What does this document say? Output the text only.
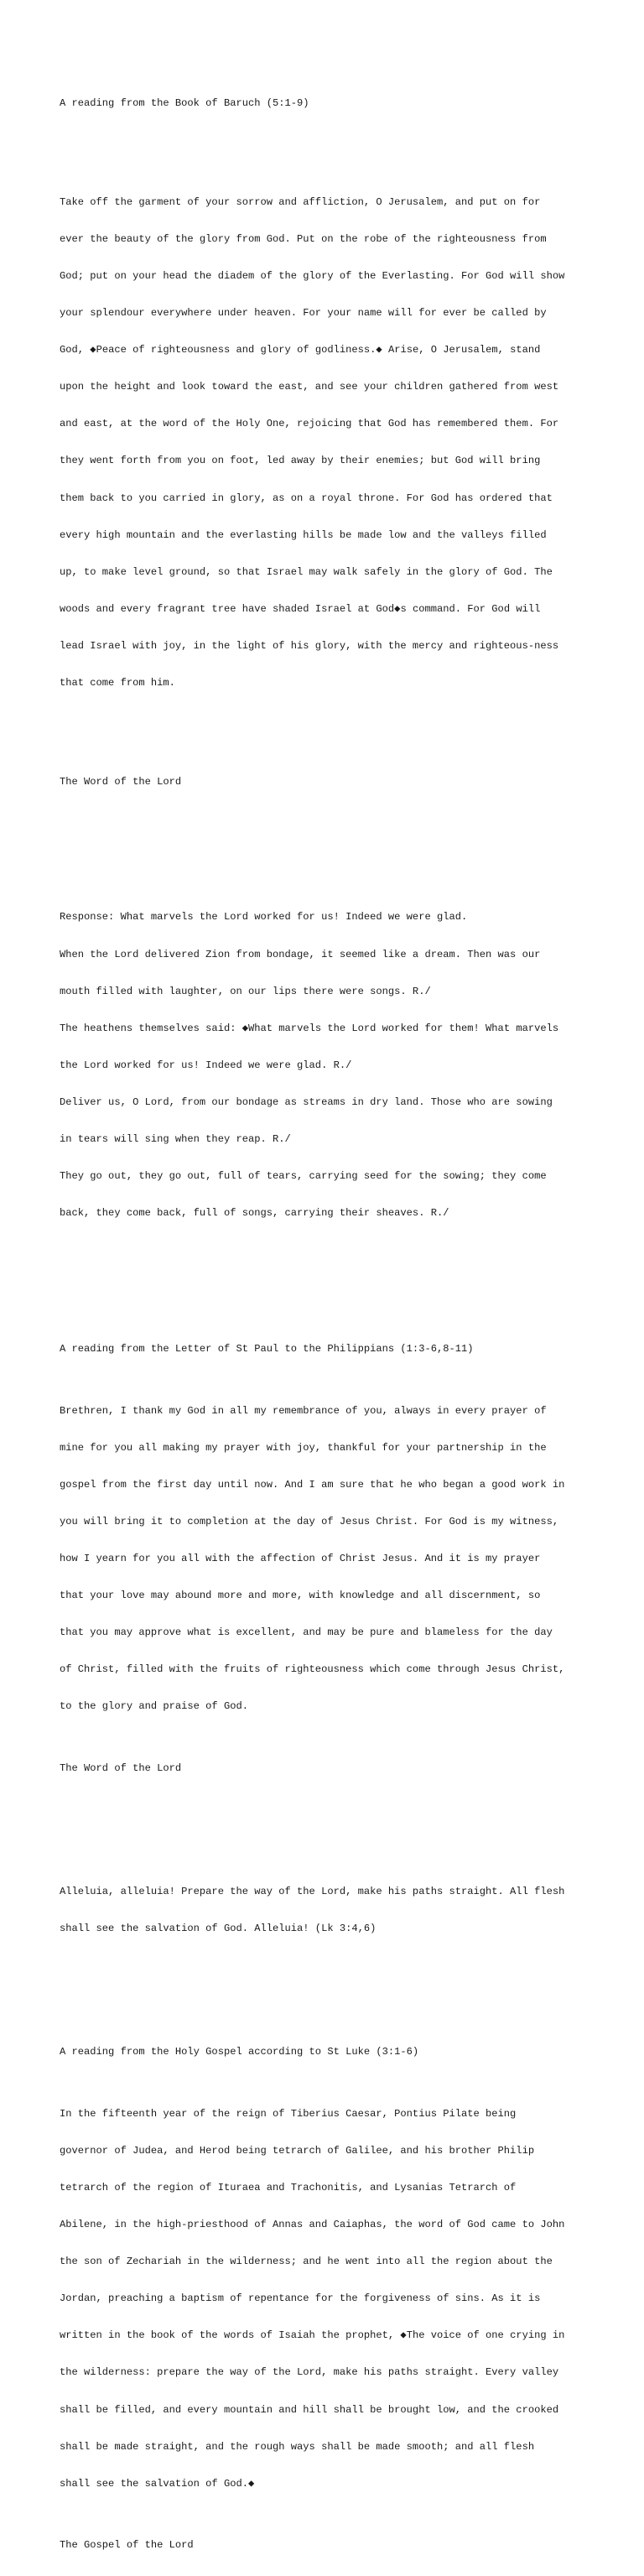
A reading from the Book of Baruch (5:1-9)

Take off the garment of your sorrow and affliction, O Jerusalem, and put on for

ever the beauty of the glory from God. Put on the robe of the righteousness from

God; put on your head the diadem of the glory of the Everlasting. For God will show

your splendour everywhere under heaven. For your name will for ever be called by

God, ◆Peace of righteousness and glory of godliness.◆ Arise, O Jerusalem, stand

upon the height and look toward the east, and see your children gathered from west

and east, at the word of the Holy One, rejoicing that God has remembered them. For

they went forth from you on foot, led away by their enemies; but God will bring

them back to you carried in glory, as on a royal throne. For God has ordered that

every high mountain and the everlasting hills be made low and the valleys filled

up, to make level ground, so that Israel may walk safely in the glory of God. The

woods and every fragrant tree have shaded Israel at God◆s command. For God will

lead Israel with joy, in the light of his glory, with the mercy and righteous-ness

that come from him.

The Word of the Lord

Response: What marvels the Lord worked for us! Indeed we were glad.

When the Lord delivered Zion from bondage, it seemed like a dream. Then was our

mouth filled with laughter, on our lips there were songs. R./

The heathens themselves said: ◆What marvels the Lord worked for them! What marvels

the Lord worked for us! Indeed we were glad. R./

Deliver us, O Lord, from our bondage as streams in dry land. Those who are sowing

in tears will sing when they reap. R./

They go out, they go out, full of tears, carrying seed for the sowing; they come

back, they come back, full of songs, carrying their sheaves. R./

A reading from the Letter of St Paul to the Philippians (1:3-6,8-11)

Brethren, I thank my God in all my remembrance of you, always in every prayer of

mine for you all making my prayer with joy, thankful for your partnership in the

gospel from the first day until now. And I am sure that he who began a good work in

you will bring it to completion at the day of Jesus Christ. For God is my witness,

how I yearn for you all with the affection of Christ Jesus. And it is my prayer

that your love may abound more and more, with knowledge and all discernment, so

that you may approve what is excellent, and may be pure and blameless for the day

of Christ, filled with the fruits of righteousness which come through Jesus Christ,

to the glory and praise of God.

The Word of the Lord

Alleluia, alleluia! Prepare the way of the Lord, make his paths straight. All flesh

shall see the salvation of God. Alleluia! (Lk 3:4,6)

A reading from the Holy Gospel according to St Luke (3:1-6)

In the fifteenth year of the reign of Tiberius Caesar, Pontius Pilate being

governor of Judea, and Herod being tetrarch of Galilee, and his brother Philip

tetrarch of the region of Ituraea and Trachonitis, and Lysanias Tetrarch of

Abilene, in the high-priesthood of Annas and Caiaphas, the word of God came to John

the son of Zechariah in the wilderness; and he went into all the region about the

Jordan, preaching a baptism of repentance for the forgiveness of sins. As it is

written in the book of the words of Isaiah the prophet, ◆The voice of one crying in

the wilderness: prepare the way of the Lord, make his paths straight. Every valley

shall be filled, and every mountain and hill shall be brought low, and the crooked

shall be made straight, and the rough ways shall be made smooth; and all flesh

shall see the salvation of God.◆

The Gospel of the Lord
